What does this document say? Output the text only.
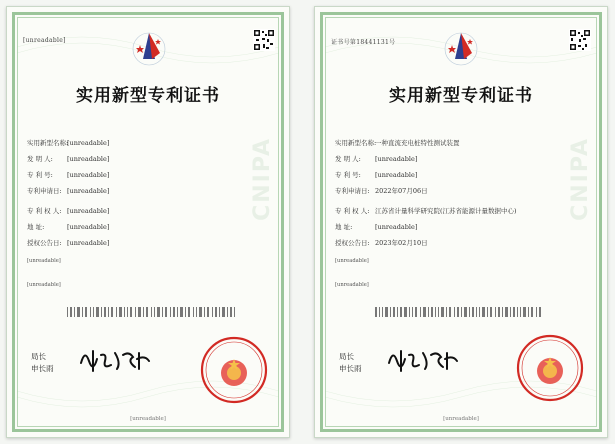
CNIPA
[unreadable]
实用新型专利证书
实用新型名称:[unreadable]
发 明 人: [unreadable]
专 利 号: [unreadable]
专利申请日: [unreadable]
专 利 权 人: [unreadable]
地 址:	[unreadable]
授权公告日: [unreadable]
[unreadable]
[unreadable]
局长
申长雨
[unreadable]
CNIPA
证书号第18441131号
实用新型专利证书
实用新型名称:一种直流充电桩特性测试装置
发 明 人: [unreadable]
专 利 号: [unreadable]
专利申请日: 2022年07月06日
专 利 权 人: 江苏省计量科学研究院(江苏省能源计量数据中心)
地 址:	[unreadable]
授权公告日: 2023年02月10日
[unreadable]
[unreadable]
局长
申长雨
[unreadable]
